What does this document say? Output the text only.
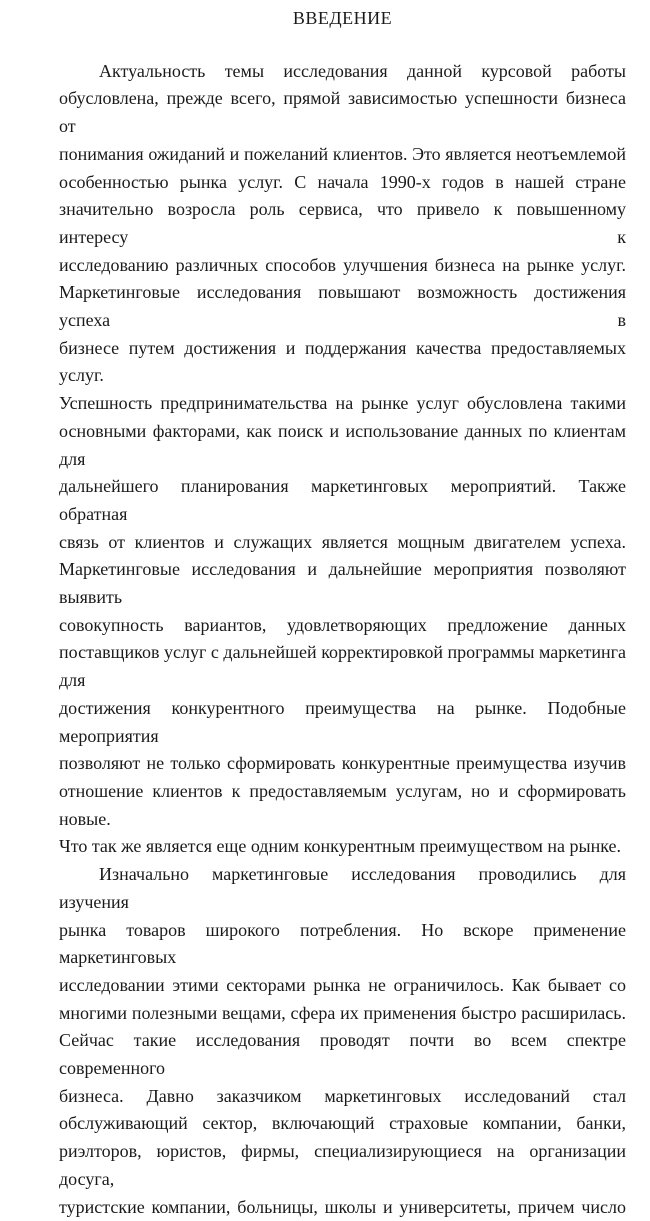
ВВЕДЕНИЕ
Актуальность темы исследования данной курсовой работы
обусловлена, прежде всего, прямой зависимостью успешности бизнеса от
понимания ожиданий и пожеланий клиентов. Это является неотъемлемой
особенностью рынка услуг. С начала 1990-х годов в нашей стране
значительно возросла роль сервиса, что привело к повышенному интересу к
исследованию различных способов улучшения бизнеса на рынке услуг.
Маркетинговые исследования повышают возможность достижения успеха в
бизнесе путем достижения и поддержания качества предоставляемых услуг.
Успешность предпринимательства на рынке услуг обусловлена такими
основными факторами, как поиск и использование данных по клиентам для
дальнейшего планирования маркетинговых мероприятий. Также обратная
связь от клиентов и служащих является мощным двигателем успеха.
Маркетинговые исследования и дальнейшие мероприятия позволяют выявить
совокупность вариантов, удовлетворяющих предложение данных
поставщиков услуг с дальнейшей корректировкой программы маркетинга для
достижения конкурентного преимущества на рынке. Подобные мероприятия
позволяют не только сформировать конкурентные преимущества изучив
отношение клиентов к предоставляемым услугам, но и сформировать новые.
Что так же является еще одним конкурентным преимуществом на рынке.
Изначально маркетинговые исследования проводились для изучения
рынка товаров широкого потребления. Но вскоре применение маркетинговых
исследовании этими секторами рынка не ограничилось. Как бывает со
многими полезными вещами, сфера их применения быстро расширилась.
Сейчас такие исследования проводят почти во всем спектре современного
бизнеса. Давно заказчиком маркетинговых исследований стал
обслуживающий сектор, включающий страховые компании, банки,
риэлторов, юристов, фирмы, специализирующиеся на организации досуга,
туристские компании, больницы, школы и университеты, причем число
